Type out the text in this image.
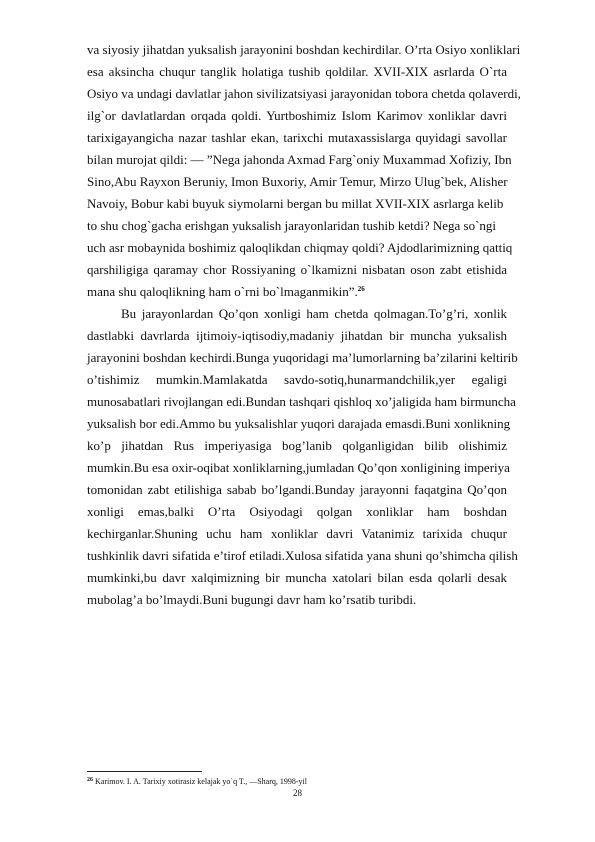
va siyosiy jihatdan yuksalish jarayonini boshdan kechirdilar. O’rta Osiyo xonliklari
esa aksincha chuqur tanglik holatiga tushib qoldilar. XVII-XIX asrlarda O`rta
Osiyo va undagi davlatlar jahon sivilizatsiyasi jarayonidan tobora chetda qolaverdi,
ilg`or davlatlardan orqada qoldi. Yurtboshimiz Islom Karimov xonliklar davri
tarixigayangicha nazar tashlar ekan, tarixchi mutaxassislarga quyidagi savollar
bilan murojat qildi: — ”Nega jahonda Axmad Farg`oniy Muxammad Xofiziy, Ibn
Sino,Abu Rayxon Beruniy, Imon Buxoriy, Amir Temur, Mirzo Ulug`bek, Alisher
Navoiy, Bobur kabi buyuk siymolarni bergan bu millat XVII-XIX asrlarga kelib
to shu chog`gacha erishgan yuksalish jarayonlaridan tushib ketdi? Nega so`ngi
uch asr mobaynida boshimiz qaloqlikdan chiqmay qoldi? Ajdodlarimizning qattiq
qarshiligiga qaramay chor Rossiyaning o`lkamizni nisbatan oson zabt etishida
mana shu qaloqlikning ham o`rni bo`lmaganmikin”.$^{26}$
Bu jarayonlardan Qo’qon xonligi ham chetda qolmagan.To’g’ri, xonlik
dastlabki davrlarda ijtimoiy-iqtisodiy,madaniy jihatdan bir muncha yuksalish
jarayonini boshdan kechirdi.Bunga yuqoridagi ma’lumorlarning ba’zilarini keltirib
o’tishimiz mumkin.Mamlakatda savdo-sotiq,hunarmandchilik,yer egaligi
munosabatlari rivojlangan edi.Bundan tashqari qishloq xo’jaligida ham birmuncha
yuksalish bor edi.Ammo bu yuksalishlar yuqori darajada emasdi.Buni xonlikning
ko’p jihatdan Rus imperiyasiga bog’lanib qolganligidan bilib olishimiz
mumkin.Bu esa oxir-oqibat xonliklarning,jumladan Qo’qon xonligining imperiya
tomonidan zabt etilishiga sabab bo’lgandi.Bunday jarayonni faqatgina Qo’qon
xonligi emas,balki O’rta Osiyodagi qolgan xonliklar ham boshdan
kechirganlar.Shuning uchu ham xonliklar davri Vatanimiz tarixida chuqur
tushkinlik davri sifatida e’tirof etiladi.Xulosa sifatida yana shuni qo’shimcha qilish
mumkinki,bu davr xalqimizning bir muncha xatolari bilan esda qolarli desak
mubolag’a bo’lmaydi.Buni bugungi davr ham ko’rsatib turibdi.
$^{26}$ Karimov. I. A. Tarixiy xotirasiz kelajak yo`q T., —Sharq, 1998-yil
28
